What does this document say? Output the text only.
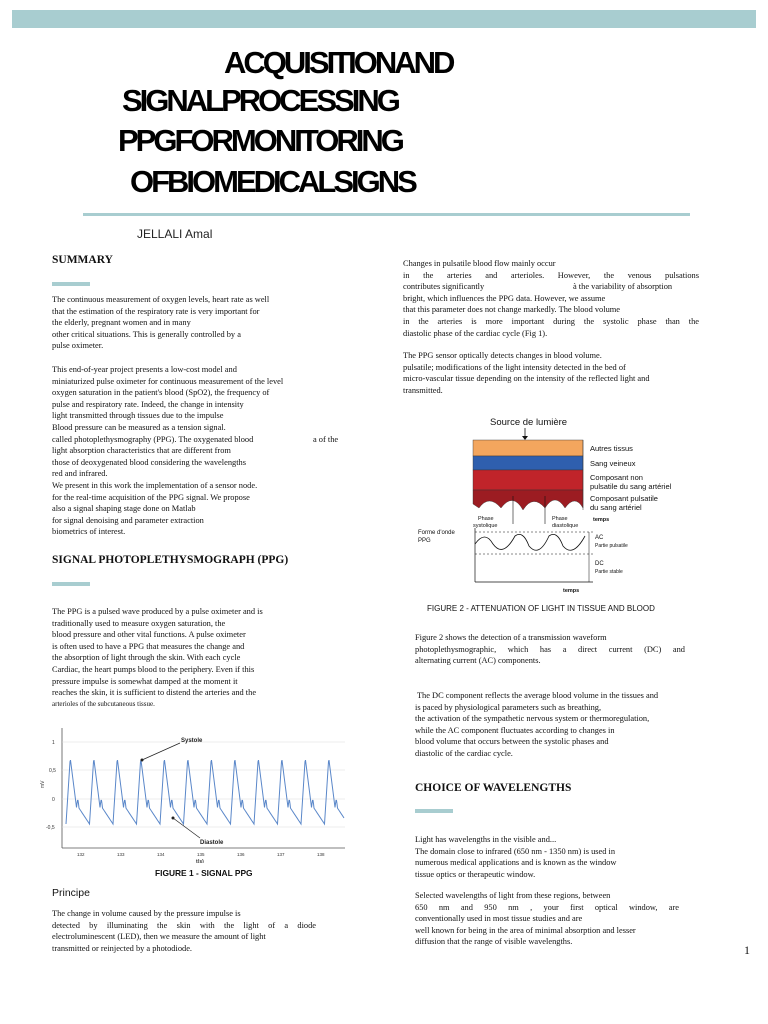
ACQUISITIONAND
SIGNALPROCESSING
PPGFORMONITORING
OFBIOMEDICALSIGNS
JELLALI Amal
SUMMARY
The continuous measurement of oxygen levels, heart rate as well
that the estimation of the respiratory rate is very important for
the elderly, pregnant women and in many
other critical situations. This is generally controlled by a
pulse oximeter.
This end-of-year project presents a low-cost model and
miniaturized pulse oximeter for continuous measurement of the level
oxygen saturation in the patient's blood (SpO2), the frequency of
pulse and respiratory rate. Indeed, the change in intensity
light transmitted through tissues due to the impulse
Blood pressure can be measured as a tension signal.
called photoplethysmography (PPG). The oxygenated blood
light absorption characteristics that are different from
those of deoxygenated blood considering the wavelengths
red and infrared.
We present in this work the implementation of a sensor node.
for the real-time acquisition of the PPG signal. We propose
also a signal shaping stage done on Matlab
for signal denoising and parameter extraction
biometrics of interest.
a of the
SIGNAL PHOTOPLETHYSMOGRAPH (PPG)
The PPG is a pulsed wave produced by a pulse oximeter and is
traditionally used to measure oxygen saturation, the
blood pressure and other vital functions. A pulse oximeter
is often used to have a PPG that measures the change and
the absorption of light through the skin. With each cycle
Cardiac, the heart pumps blood to the periphery. Even if this
pressure impulse is somewhat damped at the moment it
reaches the skin, it is sufficient to distend the arteries and the
arterioles of the subcutaneous tissue.
1
0,5
0
-0,5
mV
132	133	134	135	136	137	138
t(s)
Systole
Diastole
FIGURE 1 - SIGNAL PPG
Principe
The change in volume caused by the pressure impulse is
detected by illuminating the skin with the light of a diode
electroluminescent (LED), then we measure the amount of light
transmitted or reinjected by a photodiode.
Changes in pulsatile blood flow mainly occur
in the arteries and arterioles. However, the venous pulsations
contributes significantly
bright, which influences the PPG data. However, we assume
that this parameter does not change markedly. The blood volume
in the arteries is more important during the systolic phase than the
diastolic phase of the cardiac cycle (Fig 1).
à the variability of absorption
The PPG sensor optically detects changes in blood volume.
pulsatile; modifications of the light intensity detected in the bed of
micro-vascular tissue depending on the intensity of the reflected light and
transmitted.
Source de lumière
Autres tissus
Sang veineux
Composant non
pulsatile du sang artériel
Composant pulsatile
du sang artériel
Phase
systolique
Phase
diastolique
temps
Forme d'onde
PPG	AC
Partie pulsatile
DC
Partie stable
temps
FIGURE 2 - ATTENUATION OF LIGHT IN TISSUE AND BLOOD
Figure 2 shows the detection of a transmission waveform
photoplethysmographic, which has a direct current (DC) and
alternating current (AC) components.
The DC component reflects the average blood volume in the tissues and
is paced by physiological parameters such as breathing,
the activation of the sympathetic nervous system or thermoregulation,
while the AC component fluctuates according to changes in
blood volume that occurs between the systolic phases and
diastolic of the cardiac cycle.
CHOICE OF WAVELENGTHS
Light has wavelengths in the visible and...
The domain close to infrared (650 nm - 1350 nm) is used in
numerous medical applications and is known as the window
tissue optics or therapeutic window.
Selected wavelengths of light from these regions, between
650 nm and 950 nm , your first optical window, are
conventionally used in most tissue studies and are
well known for being in the area of minimal absorption and lesser
diffusion that the range of visible wavelengths.
1
